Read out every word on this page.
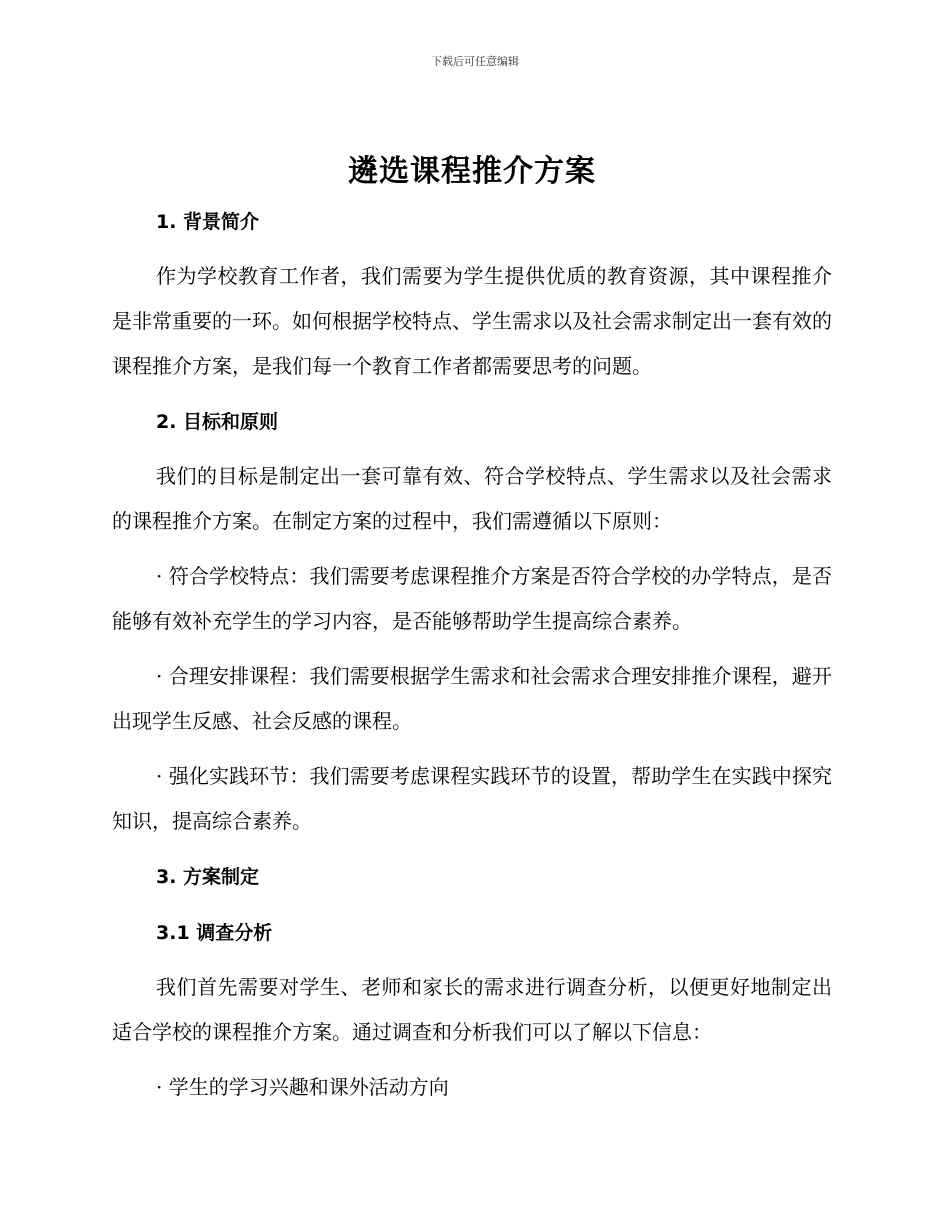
下载后可任意编辑
遴选课程推介方案
1. 背景简介

作为学校教育工作者，我们需要为学生提供优质的教育资源，其中课程推介是非常重要的一环。如何根据学校特点、学生需求以及社会需求制定出一套有效的课程推介方案，是我们每一个教育工作者都需要思考的问题。

2. 目标和原则

我们的目标是制定出一套可靠有效、符合学校特点、学生需求以及社会需求的课程推介方案。在制定方案的过程中，我们需遵循以下原则：

· 符合学校特点：我们需要考虑课程推介方案是否符合学校的办学特点，是否能够有效补充学生的学习内容，是否能够帮助学生提高综合素养。

· 合理安排课程：我们需要根据学生需求和社会需求合理安排推介课程，避开出现学生反感、社会反感的课程。

· 强化实践环节：我们需要考虑课程实践环节的设置，帮助学生在实践中探究知识，提高综合素养。

3. 方案制定
3.1 调查分析

我们首先需要对学生、老师和家长的需求进行调查分析，以便更好地制定出适合学校的课程推介方案。通过调查和分析我们可以了解以下信息：

· 学生的学习兴趣和课外活动方向
